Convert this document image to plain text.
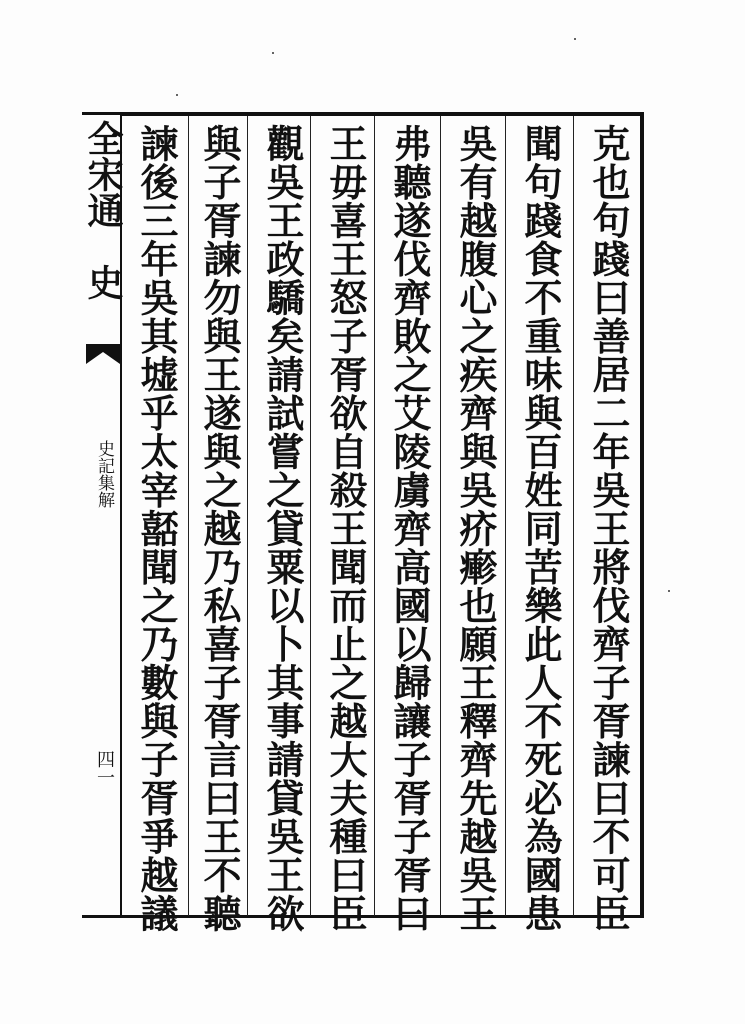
全宋通　史
史記集解
四一	克也句踐曰善居二年吳王將伐齊子胥諫曰不可臣
聞句踐食不重味與百姓同苦樂此人不死必為國患
吳有越腹心之疾齊與吳疥𤺋也願王釋齊先越吳王
弗聽遂伐齊敗之艾陵虜齊高國以歸讓子胥子胥曰
王毋喜王怒子胥欲自殺王聞而止之越大夫種曰臣
觀吳王政驕矣請試嘗之貸粟以卜其事請貸吳王欲
與子胥諫勿與王遂與之越乃私喜子胥言曰王不聽
諫後三年吳其墟乎太宰嚭聞之乃數與子胥爭越議
